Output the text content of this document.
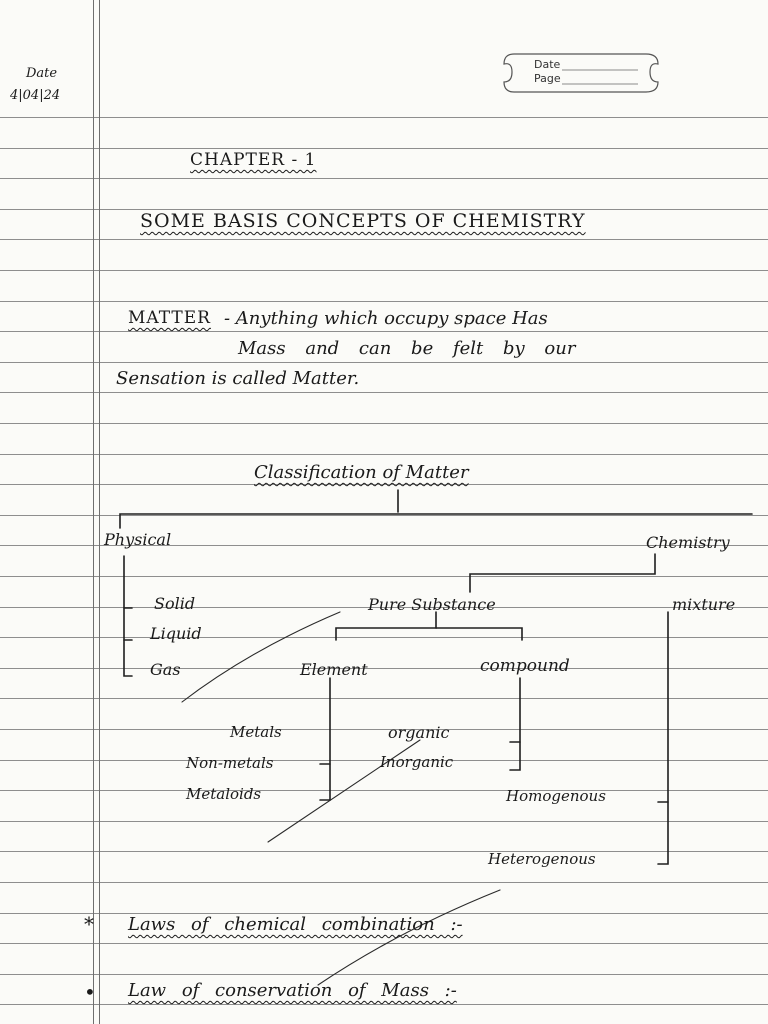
Date
Page
Date
4|04|24
CHAPTER - 1
SOME BASIS CONCEPTS OF CHEMISTRY
MATTER - Anything which occupy space Has
Mass and can be felt by our
Sensation is called Matter.
Classification of Matter
Physical	Chemistry
Solid
Liquid
Gas
Pure Substance	mixture
Element	compound
Metals
Non-metals
Metaloids
organic
Inorganic
Homogenous
Heterogenous
* Laws of chemical combination :-
• Law of conservation of Mass :-
